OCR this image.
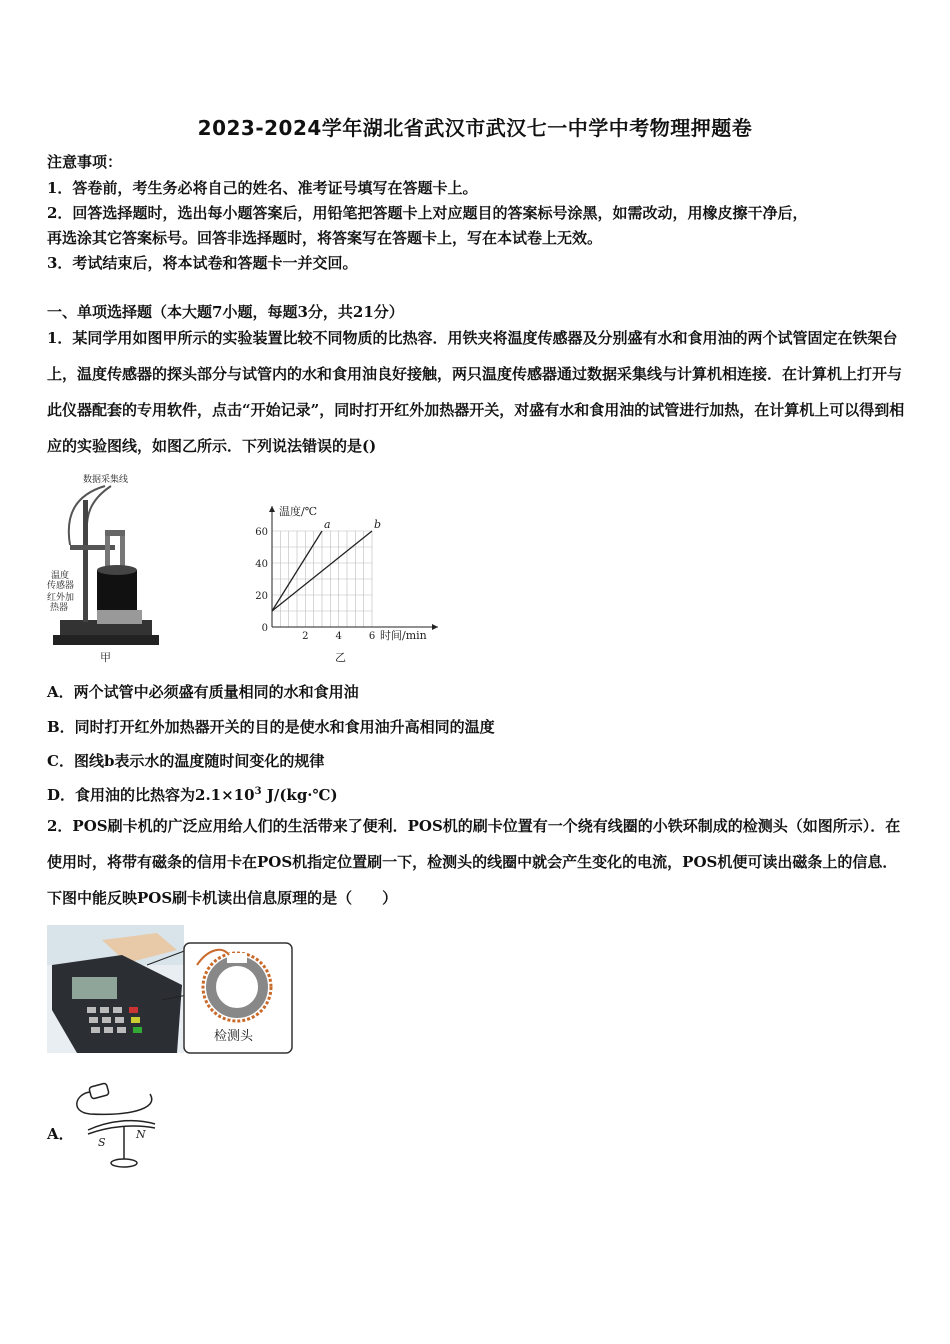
2023-2024学年湖北省武汉市武汉七一中学中考物理押题卷
注意事项：
1．答卷前，考生务必将自己的姓名、准考证号填写在答题卡上。
2．回答选择题时，选出每小题答案后，用铅笔把答题卡上对应题目的答案标号涂黑，如需改动，用橡皮擦干净后，
再选涂其它答案标号。回答非选择题时，将答案写在答题卡上，写在本试卷上无效。
3．考试结束后，将本试卷和答题卡一并交回。
一、单项选择题（本大题7小题，每题3分，共21分）
1．某同学用如图甲所示的实验装置比较不同物质的比热容．用铁夹将温度传感器及分别盛有水和食用油的两个试管固定在铁架台上，温度传感器的探头部分与试管内的水和食用油良好接触，两只温度传感器通过数据采集线与计算机相连接．在计算机上打开与此仪器配套的专用软件，点击“开始记录”，同时打开红外加热器开关，对盛有水和食用油的试管进行加热，在计算机上可以得到相应的实验图线，如图乙所示．下列说法错误的是()
数据采集线
温度传感器
红外加热器
甲
0
20
40
60
2	4	6
a	b
温度/℃
时间/min
乙
A．两个试管中必须盛有质量相同的水和食用油
B．同时打开红外加热器开关的目的是使水和食用油升高相同的温度
C．图线b表示水的温度随时间变化的规律
D．食用油的比热容为$2.1\times 10^3$ J/(kg·℃)
2．POS刷卡机的广泛应用给人们的生活带来了便利．POS机的刷卡位置有一个绕有线圈的小铁环制成的检测头（如图所示）．在使用时，将带有磁条的信用卡在POS机指定位置刷一下，检测头的线圈中就会产生变化的电流，POS机便可读出磁条上的信息．下图中能反映POS刷卡机读出信息原理的是（　　）
检测头
A． S
N
